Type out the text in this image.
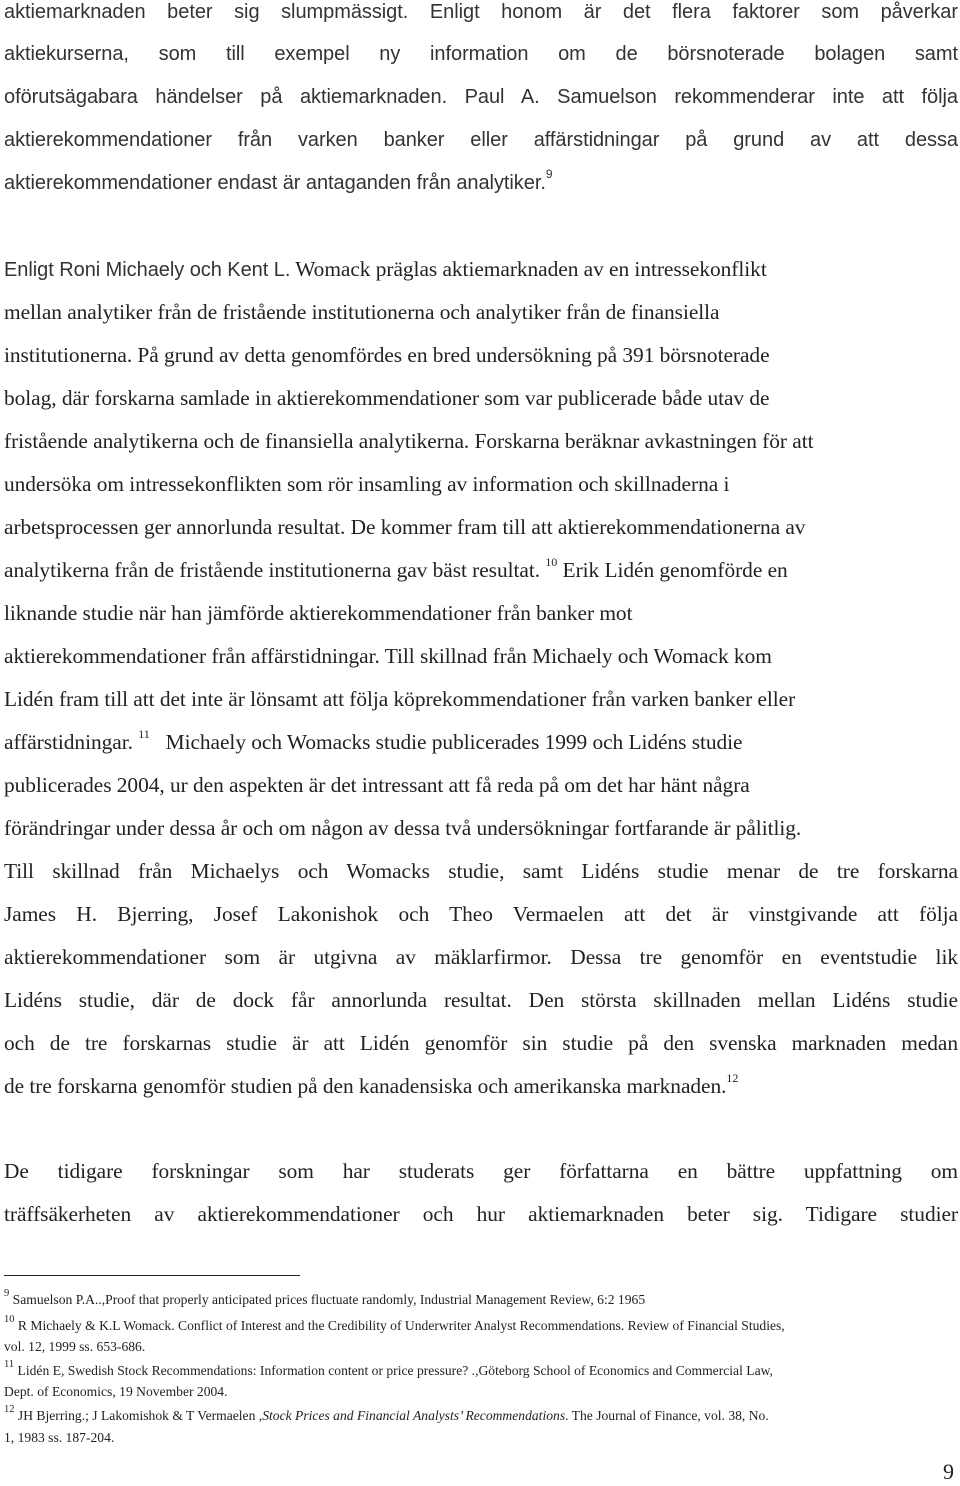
aktiemarknaden beter sig slumpmässigt. Enligt honom är det flera faktorer som påverkar

aktiekurserna, som till exempel ny information om de börsnoterade bolagen samt

oförutsägabara händelser på aktiemarknaden. Paul A. Samuelson rekommenderar inte att följa

aktierekommendationer från varken banker eller affärstidningar på grund av att dessa

aktierekommendationer endast är antaganden från analytiker.$^9$

Enligt Roni Michaely och Kent L. Womack präglas aktiemarknaden av en intressekonflikt

mellan analytiker från de fristående institutionerna och analytiker från de finansiella

institutionerna. På grund av detta genomfördes en bred undersökning på 391 börsnoterade

bolag, där forskarna samlade in aktierekommendationer som var publicerade både utav de

fristående analytikerna och de finansiella analytikerna. Forskarna beräknar avkastningen för att

undersöka om intressekonflikten som rör insamling av information och skillnaderna i

arbetsprocessen ger annorlunda resultat. De kommer fram till att aktierekommendationerna av

analytikerna från de fristående institutionerna gav bäst resultat. $^{10}$ Erik Lidén genomförde en

liknande studie när han jämförde aktierekommendationer från banker mot

aktierekommendationer från affärstidningar. Till skillnad från Michaely och Womack kom

Lidén fram till att det inte är lönsamt att följa köprekommendationer från varken banker eller

affärstidningar. $^{11}$ Michaely och Womacks studie publicerades 1999 och Lidéns studie

publicerades 2004, ur den aspekten är det intressant att få reda på om det har hänt några

förändringar under dessa år och om någon av dessa två undersökningar fortfarande är pålitlig.

Till skillnad från Michaelys och Womacks studie, samt Lidéns studie menar de tre forskarna

James H. Bjerring, Josef Lakonishok och Theo Vermaelen att det är vinstgivande att följa

aktierekommendationer som är utgivna av mäklarfirmor. Dessa tre genomför en eventstudie lik

Lidéns studie, där de dock får annorlunda resultat. Den största skillnaden mellan Lidéns studie

och de tre forskarnas studie är att Lidén genomför sin studie på den svenska marknaden medan

de tre forskarna genomför studien på den kanadensiska och amerikanska marknaden.$^{12}$

De tidigare forskningar som har studerats ger författarna en bättre uppfattning om

träffsäkerheten av aktierekommendationer och hur aktiemarknaden beter sig. Tidigare studier

$^9$ Samuelson P.A..,Proof that properly anticipated prices fluctuate randomly, Industrial Management Review, 6:2 1965

$^{10}$ R Michaely & K.L Womack. Conflict of Interest and the Credibility of Underwriter Analyst Recommendations. Review of Financial Studies,

vol. 12, 1999 ss. 653-686.

$^{11}$ Lidén E, Swedish Stock Recommendations: Information content or price pressure? .,Göteborg School of Economics and Commercial Law,

Dept. of Economics, 19 November 2004.

$^{12}$ JH Bjerring.; J Lakomishok & T Vermaelen ,Stock Prices and Financial Analysts’ Recommendations. The Journal of Finance, vol. 38, No.

1, 1983 ss. 187-204.

9
